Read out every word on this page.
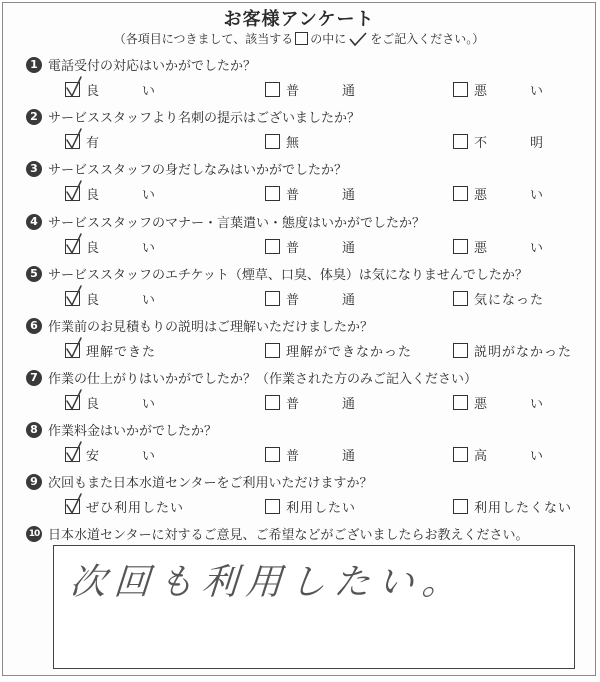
お客様アンケート
（各項目につきまして、該当する の中に をご記入ください。）
1 電話受付の対応はいかがでしたか？
良　　　い	普　　　通	悪　　　い
2 サービススタッフより名刺の提示はございましたか？
有	無	不　　　明
3 サービススタッフの身だしなみはいかがでしたか？
良　　　い	普　　　通	悪　　　い
4 サービススタッフのマナー・言葉遣い・態度はいかがでしたか？
良　　　い	普　　　通	悪　　　い
5 サービススタッフのエチケット（煙草、口臭、体臭）は気になりませんでしたか？
良　　　い	普　　　通	気になった
6 作業前のお見積もりの説明はご理解いただけましたか？
理解できた	理解ができなかった	説明がなかった
7 作業の仕上がりはいかがでしたか？（作業された方のみご記入ください）
良　　　い	普　　　通	悪　　　い
8 作業料金はいかがでしたか？
安　　　い	普　　　通	高　　　い
9 次回もまた日本水道センターをご利用いただけますか？
ぜひ利用したい	利用したい	利用したくない
10 日本水道センターに対するご意見、ご希望などがございましたらお教えください。
次回も利用したい。
